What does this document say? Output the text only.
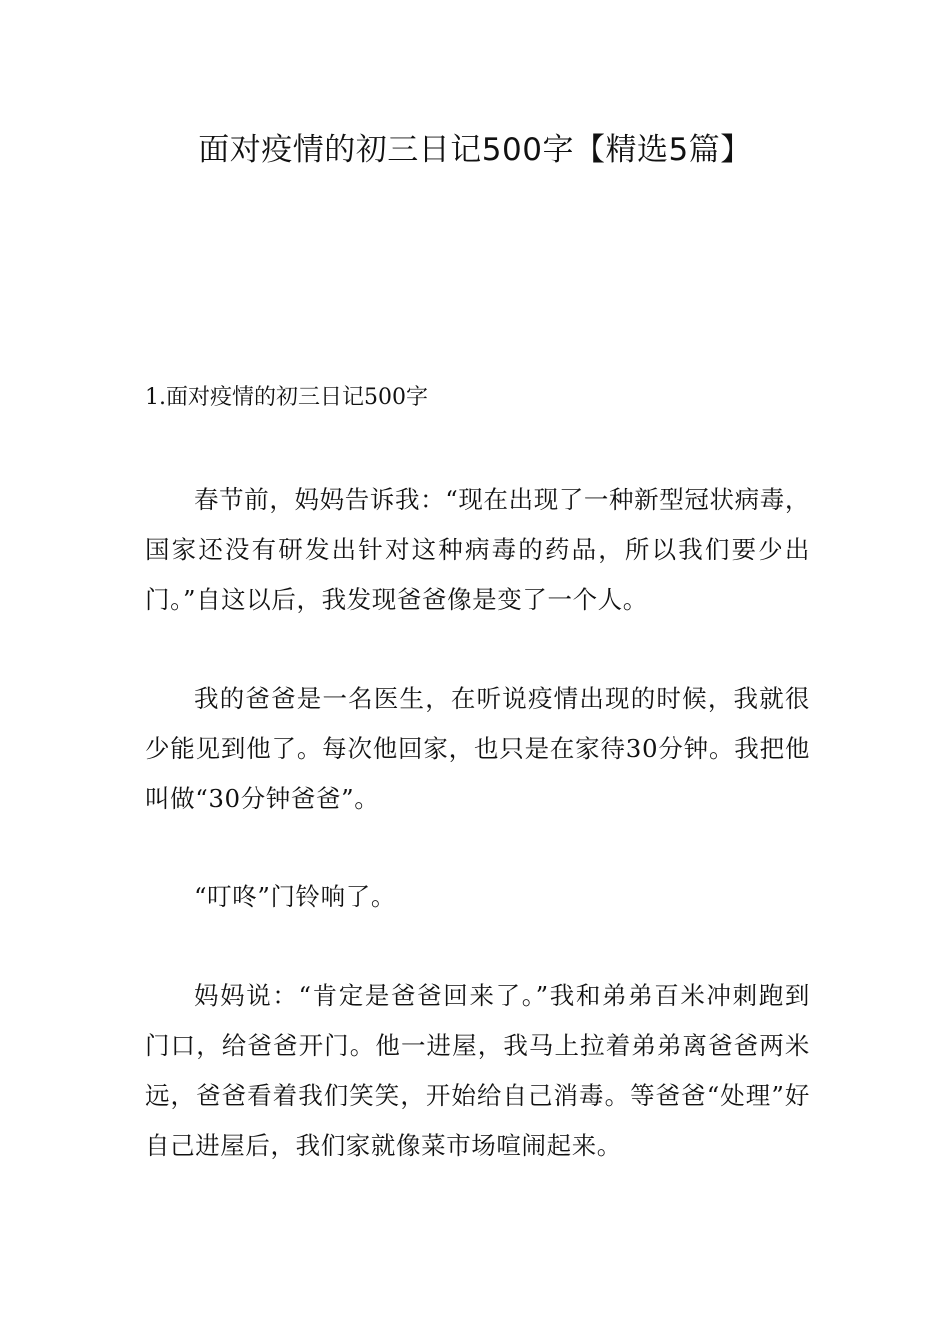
面对疫情的初三日记500字【精选5篇】
1.面对疫情的初三日记500字

春节前，妈妈告诉我：“现在出现了一种新型冠状病毒，国家还没有研发出针对这种病毒的药品，所以我们要少出门。”自这以后，我发现爸爸像是变了一个人。

我的爸爸是一名医生，在听说疫情出现的时候，我就很少能见到他了。每次他回家，也只是在家待30分钟。我把他叫做“30分钟爸爸”。

“叮咚”门铃响了。

妈妈说：“肯定是爸爸回来了。”我和弟弟百米冲刺跑到门口，给爸爸开门。他一进屋，我马上拉着弟弟离爸爸两米远，爸爸看着我们笑笑，开始给自己消毒。等爸爸“处理”好自己进屋后，我们家就像菜市场喧闹起来。
